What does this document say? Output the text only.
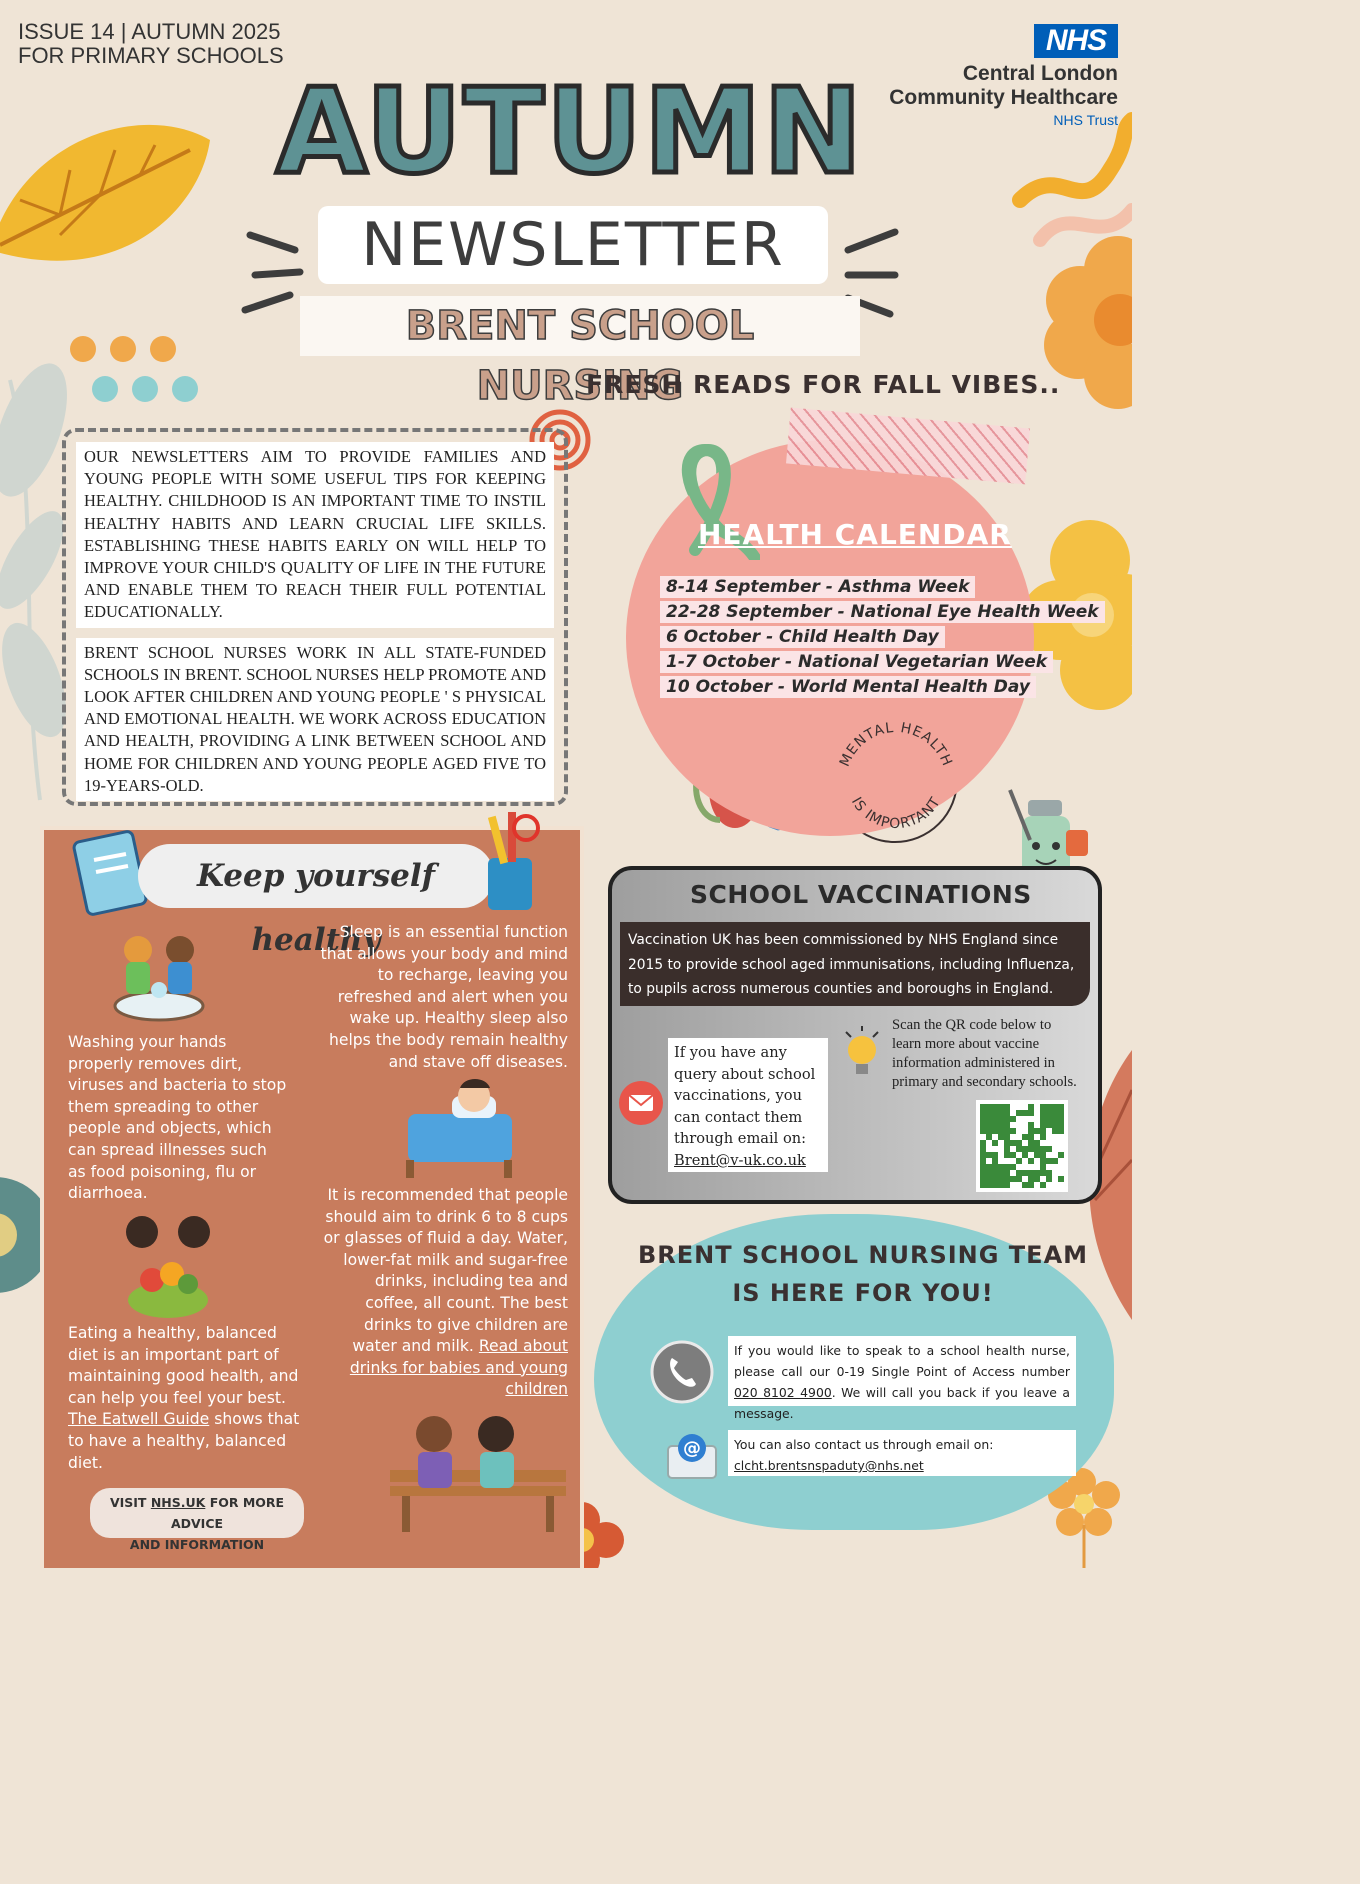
ISSUE 14 | AUTUMN 2025
FOR PRIMARY SCHOOLS	NHS
Central London
Community Healthcare
NHS Trust
AUTUMN
NEWSLETTER
BRENT SCHOOL NURSING
FRESH READS FOR FALL VIBES..

OUR NEWSLETTERS AIM TO PROVIDE FAMILIES AND YOUNG PEOPLE WITH SOME USEFUL TIPS FOR KEEPING HEALTHY. CHILDHOOD IS AN IMPORTANT TIME TO INSTIL HEALTHY HABITS AND LEARN CRUCIAL LIFE SKILLS. ESTABLISHING THESE HABITS EARLY ON WILL HELP TO IMPROVE YOUR CHILD'S QUALITY OF LIFE IN THE FUTURE AND ENABLE THEM TO REACH THEIR FULL POTENTIAL EDUCATIONALLY.

BRENT SCHOOL NURSES WORK IN ALL STATE-FUNDED SCHOOLS IN BRENT. SCHOOL NURSES HELP PROMOTE AND LOOK AFTER CHILDREN AND YOUNG PEOPLE ' S PHYSICAL AND EMOTIONAL HEALTH. WE WORK ACROSS EDUCATION AND HEALTH, PROVIDING A LINK BETWEEN SCHOOL AND HOME FOR CHILDREN AND YOUNG PEOPLE AGED FIVE TO 19-YEARS-OLD.

HEALTH CALENDAR
8-14 September - Asthma Week
22-28 September - National Eye Health Week
6 October - Child Health Day
1-7 October - National Vegetarian Week
10 October - World Mental Health Day
MENTAL HEALTH
IS IMPORTANT
Keep yourself healthy
Washing your hands properly removes dirt, viruses and bacteria to stop them spreading to other people and objects, which can spread illnesses such as food poisoning, flu or diarrhoea.
Eating a healthy, balanced diet is an important part of maintaining good health, and can help you feel your best. The Eatwell Guide shows that to have a healthy, balanced diet.
VISIT NHS.UK FOR MORE ADVICE
AND INFORMATION
Sleep is an essential function that allows your body and mind to recharge, leaving you refreshed and alert when you wake up. Healthy sleep also helps the body remain healthy and stave off diseases.
It is recommended that people should aim to drink 6 to 8 cups or glasses of fluid a day. Water, lower-fat milk and sugar-free drinks, including tea and coffee, all count. The best drinks to give children are water and milk. Read about drinks for babies and young children
SCHOOL VACCINATIONS
Vaccination UK has been commissioned by NHS England since 2015 to provide school aged immunisations, including Influenza, to pupils across numerous counties and boroughs in England.
If you have any query about school vaccinations, you can contact them through email on:
Brent@v-uk.co.uk
Scan the QR code below to learn more about vaccine information administered in primary and secondary schools.
BRENT SCHOOL NURSING TEAM
IS HERE FOR YOU!
If you would like to speak to a school health nurse, please call our 0-19 Single Point of Access number 020 8102 4900. We will call you back if you leave a message.
@	You can also contact us through email on:
clcht.brentsnspaduty@nhs.net
